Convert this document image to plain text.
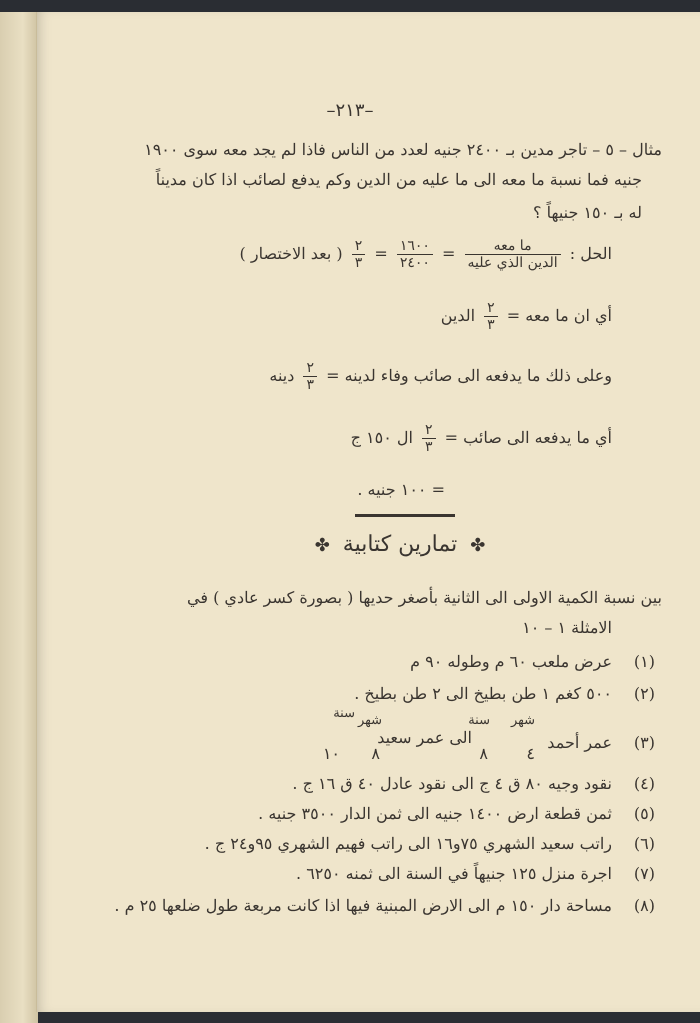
–٢١٣–
مثال – ٥ – تاجر مدين بـ ٢٤٠٠ جنيه لعدد من الناس فاذا لم يجد معه سوى ١٩٠٠
جنيه فما نسبة ما معه الى ما عليه من الدين وكم يدفع لصائب اذا كان مديناً
له بـ ١٥٠ جنيهاً ؟
الحل :
$\frac{\text{ما معه}}{\text{الدين الذي عليه}}$
=
$\frac{١٦٠٠}{٢٤٠٠}$
=
$\frac{٢}{٣}$
( بعد الاختصار )
أي ان ما معه =
$\frac{٢}{٣}$
الدين
وعلى ذلك ما يدفعه الى صائب وفاء لدينه =
$\frac{٢}{٣}$
دينه
أي ما يدفعه الى صائب =
$\frac{٢}{٣}$
ال ١٥٠ ج
= ١٠٠ جنيه .
✤ تمارين كتابية ✤
بين نسبة الكمية الاولى الى الثانية بأصغر حديها ( بصورة كسر عادي ) في
الامثلة ١ – ١٠
(١)
عرض ملعب ٦٠ م وطوله ٩٠ م
(٢)
٥٠٠ كغم ١ طن بطيخ الى ٢ طن بطيخ .
(٣)
عمر أحمد
سنة شهر
٤
٨
الى عمر سعيد
شهر
سنة
٨
١٠
(٤)
نقود وجيه ٨٠ ق ٤ ج الى نقود عادل ٤٠ ق ١٦ ج .
(٥)
ثمن قطعة ارض ١٤٠٠ جنيه الى ثمن الدار ٣٥٠٠ جنيه .
(٦)
راتب سعيد الشهري ٧٥و١٦ الى راتب فهيم الشهري ٩٥و٢٤ ج .
(٧)
اجرة منزل ١٢٥ جنيهاً في السنة الى ثمنه ٦٢٥٠ .
(٨)
مساحة دار ١٥٠ م الى الارض المبنية فيها اذا كانت مربعة طول ضلعها ٢٥ م .
